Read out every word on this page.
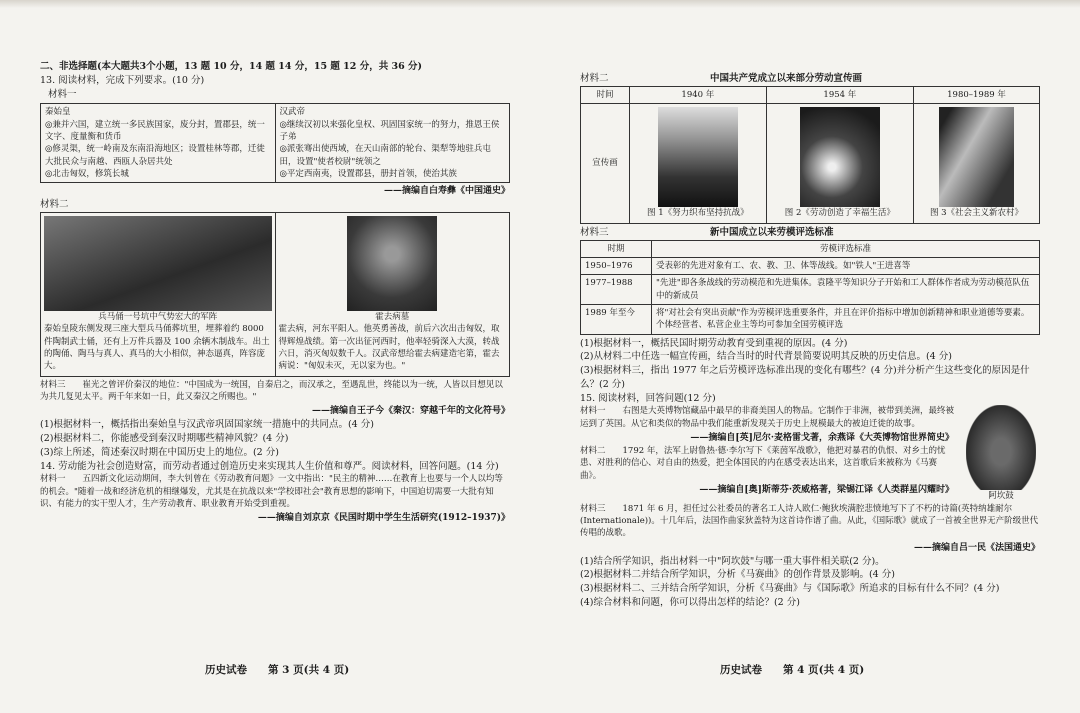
二、非选择题(本大题共3个小题，13 题 10 分，14 题 14 分，15 题 12 分，共 36 分)
13. 阅读材料，完成下列要求。(10 分)
材料一
秦始皇
◎兼并六国，建立统一多民族国家，废分封，置郡县，统一文字、度量衡和货币
◎修灵渠，统一岭南及东南沿海地区；设置桂林等郡，迁徙大批民众与南越、西瓯人杂居共处
◎北击匈奴，修筑长城

汉武帝
◎继续汉初以来强化皇权、巩固国家统一的努力，推恩王侯子弟
◎派张骞出使西域，在天山南部的轮台、渠犁等地驻兵屯田，设置"使者校尉"统领之
◎平定西南夷，设置郡县，册封首领，使治其族
——摘编自白寿彝《中国通史》
材料二
兵马俑一号坑中气势宏大的军阵
秦始皇陵东侧发现三座大型兵马俑葬坑里，埋葬着约 8000 件陶制武士俑，还有上万件兵器及 100 余辆木制战车。出土的陶俑、陶马与真人、真马的大小相似，神态逼真，阵容庞大。

霍去病墓
霍去病，河东平阳人。他英勇善战，前后六次出击匈奴，取得辉煌战绩。第一次出征河西时，他率轻骑深入大漠，转战六日，消灭匈奴数千人。汉武帝想给霍去病建造宅第，霍去病说："匈奴未灭，无以家为也。"
材料三　　崔光之曾评价秦汉的地位："中国成为一统国，自秦启之，而汉承之，至遇乱世，终能以为一统，人皆以目想见以为共几复见太平。两千年来如一日，此又秦汉之所赐也。"
——摘编自王子今《秦汉：穿越千年的文化符号》
(1)根据材料一，概括指出秦始皇与汉武帝巩固国家统一措施中的共同点。(4 分)
(2)根据材料二，你能感受到秦汉时期哪些精神风貌？(4 分)
(3)综上所述，简述秦汉时期在中国历史上的地位。(2 分)
14. 劳动能为社会创造财富，而劳动者通过创造历史来实现其人生价值和尊严。阅读材料，回答问题。(14 分)
材料一　　五四新文化运动期间，李大钊曾在《劳动教育问题》一文中指出："民主的精神……在教育上也要与一个人以均等的机会。"随着一战和经济危机的相继爆发，尤其是在抗战以来"学校即社会"教育思想的影响下，中国迫切需要一大批有知识、有能力的实干型人才，生产劳动教育、职业教育开始受到重视。
——摘编自刘京京《民国时期中学生生活研究(1912–1937)》
历史试卷　　第 3 页(共 4 页)
材料二	中国共产党成立以来部分劳动宣传画
时间	1940 年	1954 年	1980–1989 年
宣传画	图 1《努力织布坚持抗战》	图 2《劳动创造了幸福生活》	图 3《社会主义新农村》
材料三	新中国成立以来劳模评选标准
时期	劳模评选标准
1950–1976	受表彰的先进对象有工、农、教、卫、体等战线。如"铁人"王进喜等
1977–1988	"先进"即各条战线的劳动模范和先进集体。袁隆平等知识分子开始和工人群体作者成为劳动模范队伍中的新成员
1989 年至今	将"对社会有突出贡献"作为劳模评选重要条件，并且在评价指标中增加创新精神和职业道德等要素。个体经营者、私营企业主等均可参加全国劳模评选
(1)根据材料一，概括民国时期劳动教育受到重视的原因。(4 分)
(2)从材料二中任选一幅宣传画，结合当时的时代背景简要说明其反映的历史信息。(4 分)
(3)根据材料三，指出 1977 年之后劳模评选标准出现的变化有哪些？(4 分)并分析产生这些变化的原因是什么？(2 分)
15. 阅读材料，回答问题(12 分)
材料一　　右图是大英博物馆藏品中最早的非裔美国人的物品。它制作于非洲，被带到美洲，最终被运到了英国。从它和类似的物品中我们能重新发现关于历史上规模最大的被迫迁徙的故事。
——摘编自[英]尼尔·麦格雷戈著，余燕译《大英博物馆世界简史》
材料二　　1792 年，法军上尉鲁热·德·李尔写下《莱茵军战歌》，他把对暴君的仇恨、对乡土的忧患、对胜利的信心、对自由的热爱，把全体国民的内在感受表达出来，这首歌后来被称为《马赛曲》。
——摘编自[奥]斯蒂芬·茨威格著，梁锡江译《人类群星闪耀时》
阿坎鼓
材料三　　1871 年 6 月，担任过公社委员的著名工人诗人欧仁·鲍狄埃满腔悲愤地写下了不朽的诗篇(英特纳雄耐尔 (Internationale))。十几年后，法国作曲家狄盖特为这首诗作谱了曲。从此，《国际歌》就成了一首被全世界无产阶级世代传唱的战歌。
——摘编自吕一民《法国通史》
(1)结合所学知识，指出材料一中"阿坎鼓"与哪一重大事件相关联(2 分)。
(2)根据材料二并结合所学知识，分析《马赛曲》的创作背景及影响。(4 分)
(3)根据材料二、三并结合所学知识，分析《马赛曲》与《国际歌》所追求的目标有什么不同？(4 分)
(4)综合材料和问题，你可以得出怎样的结论？(2 分)
历史试卷　　第 4 页(共 4 页)
